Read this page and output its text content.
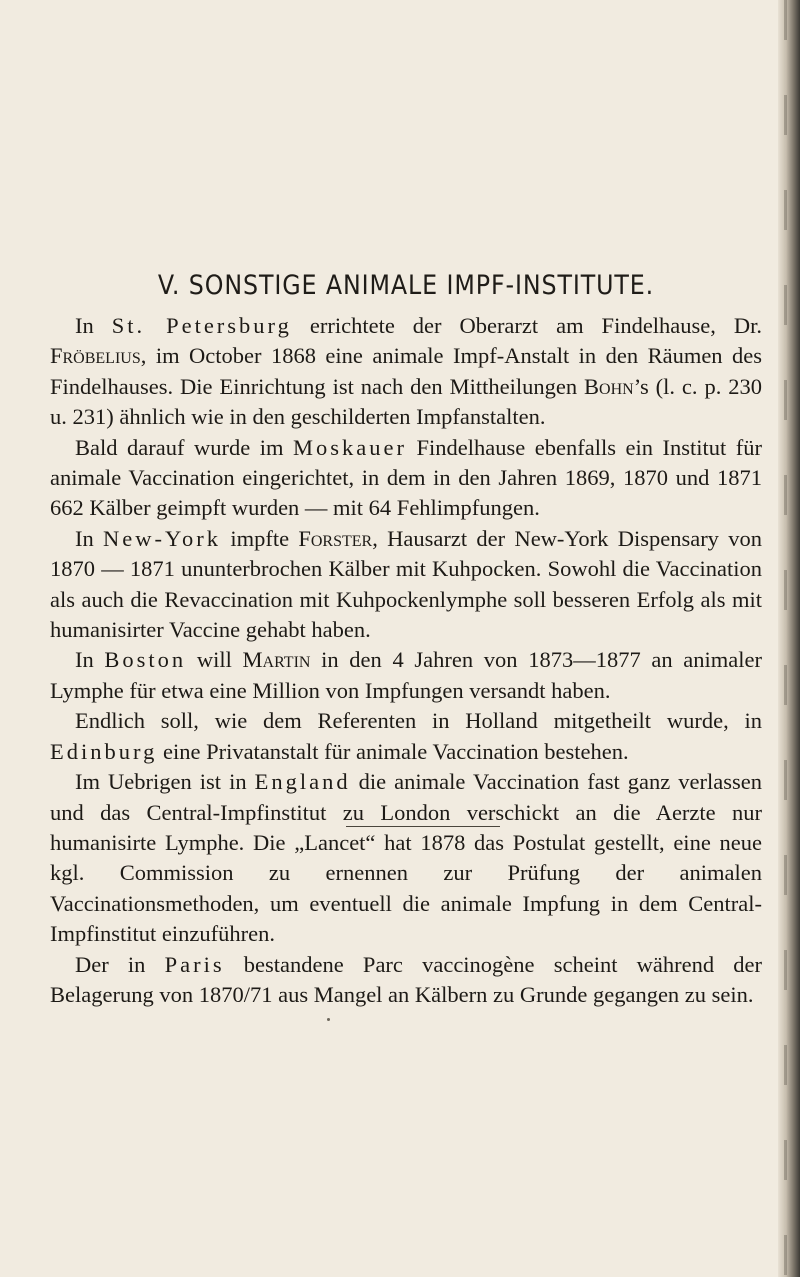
V. SONSTIGE ANIMALE IMPF-INSTITUTE.

In St. Petersburg errichtete der Oberarzt am Findelhause, Dr. Fröbelius, im October 1868 eine animale Impf-Anstalt in den Räumen des Findelhauses. Die Einrichtung ist nach den Mittheilungen Bohn’s (l. c. p. 230 u. 231) ähnlich wie in den geschilderten Impfanstalten.

Bald darauf wurde im Moskauer Findelhause ebenfalls ein Institut für animale Vaccination eingerichtet, in dem in den Jahren 1869, 1870 und 1871 662 Kälber geimpft wurden — mit 64 Fehlimpfungen.

In New-York impfte Forster, Hausarzt der New-York Dispensary von 1870 — 1871 ununterbrochen Kälber mit Kuhpocken. Sowohl die Vaccination als auch die Revaccination mit Kuhpockenlymphe soll besseren Erfolg als mit humanisirter Vaccine gehabt haben.

In Boston will Martin in den 4 Jahren von 1873—1877 an animaler Lymphe für etwa eine Million von Impfungen versandt haben.

Endlich soll, wie dem Referenten in Holland mitgetheilt wurde, in Edinburg eine Privatanstalt für animale Vaccination bestehen.

Im Uebrigen ist in England die animale Vaccination fast ganz verlassen und das Central-Impfinstitut zu London verschickt an die Aerzte nur humanisirte Lymphe. Die „Lancet“ hat 1878 das Postulat gestellt, eine neue kgl. Commission zu ernennen zur Prüfung der animalen Vaccinationsmethoden, um eventuell die animale Impfung in dem Central-Impfinstitut einzuführen.

Der in Paris bestandene Parc vaccinogène scheint während der Belagerung von 1870/71 aus Mangel an Kälbern zu Grunde gegangen zu sein.
